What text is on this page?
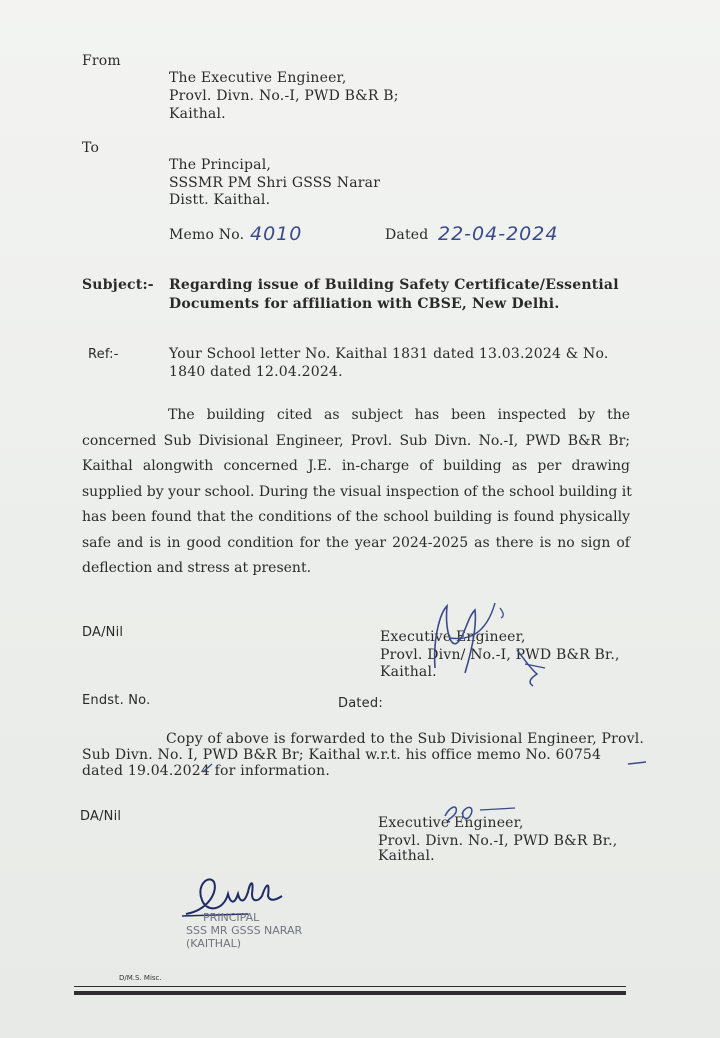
From
The Executive Engineer,
Provl. Divn. No.-I, PWD B&R B;
Kaithal.
To
The Principal,
SSSMR PM Shri GSSS Narar
Distt. Kaithal.
Memo No. 4010	Dated 22-04-2024
Subject:- Regarding issue of Building Safety Certificate/Essential
Documents for affiliation with CBSE, New Delhi.
Ref:-	Your School letter No. Kaithal 1831 dated 13.03.2024 & No.
1840 dated 12.04.2024.
The building cited as subject has been inspected by the
concerned Sub Divisional Engineer, Provl. Sub Divn. No.-I, PWD B&R Br;
Kaithal alongwith concerned J.E. in-charge of building as per drawing
supplied by your school. During the visual inspection of the school building it
has been found that the conditions of the school building is found physically
safe and is in good condition for the year 2024-2025 as there is no sign of
deflection and stress at present.
DA/Nil	Executive Engineer,
Provl. Divn/ No.-I, PWD B&R Br.,
Kaithal.
Endst. No.	Dated:
Copy of above is forwarded to the Sub Divisional Engineer, Provl.
Sub Divn. No. I, PWD B&R Br; Kaithal w.r.t. his office memo No. 60754
dated 19.04.2024 for information.
DA/Nil	Executive Engineer,
Provl. Divn. No.-I, PWD B&R Br.,
Kaithal.
PRINCIPAL
SSS MR GSSS NARAR
(KAITHAL)
D/M.S. Misc.
